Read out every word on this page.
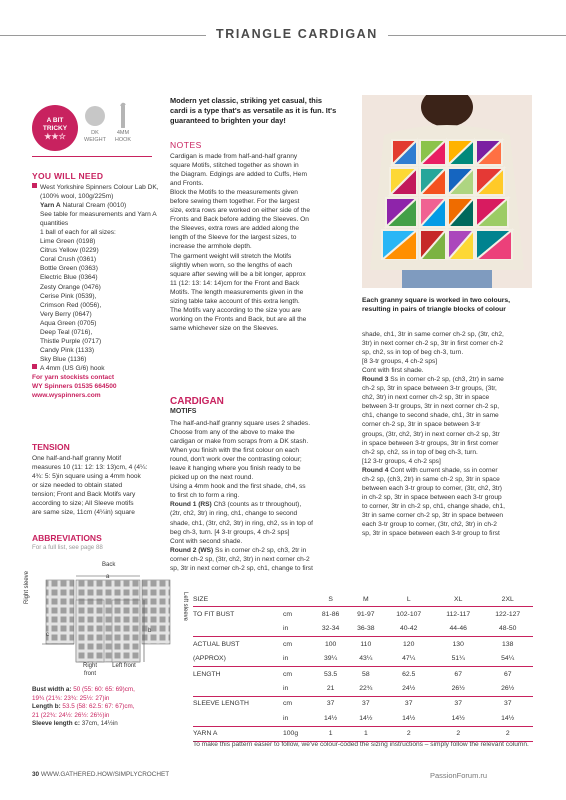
TRIANGLE CARDIGAN
A BIT
TRICKY
★★☆	DK
WEIGHT
4MM
HOOK
YOU WILL NEED
West Yorkshire Spinners Colour Lab DK, (100% wool, 100g/225m)
Yarn A Natural Cream (0010)
See table for measurements and Yarn A quantities
1 ball of each for all sizes:
Lime Green (0198)
Citrus Yellow (0229)
Coral Crush (0361)
Bottle Green (0363)
Electric Blue (0364)
Zesty Orange (0476)
Cerise Pink (0539),
Crimson Red (0056),
Very Berry (0647)
Aqua Green (0705)
Deep Teal (0716),
Thistle Purple (0717)
Candy Pink (1133)
Sky Blue (1136)
A 4mm (US G/6) hook
For yarn stockists contact
WY Spinners 01535 664500
www.wyspinners.com
TENSION
One half-and-half granny Motif
measures 10 (11: 12: 13: 13)cm, 4 (4¼:
4¾: 5: 5)in square using a 4mm hook
or size needed to obtain stated
tension; Front and Back Motifs vary
according to size; All Sleeve motifs
are same size, 11cm (4¼in) square
ABBREVIATIONS
For a full list, see page 88
Back
a
Right sleeve
Left sleeve
c
b
Right front
Left front
Bust width a: 50 (55: 60: 65: 69)cm,
19¾ (21¾: 23¾: 25½: 27)in
Length b: 53.5 (58: 62.5: 67: 67)cm,
21 (22¾: 24½: 26½: 26½)in
Sleeve length c: 37cm, 14½in
Modern yet classic, striking yet casual, this cardi is a type that's as versatile as it is fun. It's guaranteed to brighten your day!
NOTES
Cardigan is made from half-and-half granny
square Motifs, stitched together as shown in
the Diagram. Edgings are added to Cuffs, Hem
and Fronts.
Block the Motifs to the measurements given
before sewing them together. For the largest
size, extra rows are worked on either side of the
Fronts and Back before adding the Sleeves. On
the Sleeves, extra rows are added along the
length of the Sleeve for the largest sizes, to
increase the armhole depth.
The garment weight will stretch the Motifs
slightly when worn, so the lengths of each
square after sewing will be a bit longer, approx
11 (12: 13: 14: 14)cm for the Front and Back
Motifs. The length measurements given in the
sizing table take account of this extra length.
The Motifs vary according to the size you are
working on the Fronts and Back, but are all the
same whichever size on the Sleeves.
CARDIGAN
MOTIFS
The half-and-half granny square uses 2 shades.
Choose from any of the above to make the
cardigan or make from scraps from a DK stash.
When you finish with the first colour on each
round, don't work over the contrasting colour;
leave it hanging where you finish ready to be
picked up on the next round.
Using a 4mm hook and the first shade, ch4, ss
to first ch to form a ring.
Round 1 (RS) Ch3 (counts as tr throughout),
(2tr, ch2, 3tr) in ring, ch1, change to second
shade, ch1, (3tr, ch2, 3tr) in ring, ch2, ss in top of
beg ch-3, turn. [4 3-tr groups, 4 ch-2 sps]
Cont with second shade.
Round 2 (WS) Ss in corner ch-2 sp, ch3, 2tr in
corner ch-2 sp, (3tr, ch2, 3tr) in next corner ch-2
sp, 3tr in next corner ch-2 sp, ch1, change to first
Each granny square is worked in two colours, resulting in pairs of triangle blocks of colour
shade, ch1, 3tr in same corner ch-2 sp, (3tr, ch2,
3tr) in next corner ch-2 sp, 3tr in first corner ch-2
sp, ch2, ss in top of beg ch-3, turn.
[8 3-tr groups, 4 ch-2 sps]
Cont with first shade.
Round 3 Ss in corner ch-2 sp, (ch3, 2tr) in same
ch-2 sp, 3tr in space between 3-tr groups, (3tr,
ch2, 3tr) in next corner ch-2 sp, 3tr in space
between 3-tr groups, 3tr in next corner ch-2 sp,
ch1, change to second shade, ch1, 3tr in same
corner ch-2 sp, 3tr in space between 3-tr
groups, (3tr, ch2, 3tr) in next corner ch-2 sp, 3tr
in space between 3-tr groups, 3tr in first corner
ch-2 sp, ch2, ss in top of beg ch-3, turn.
[12 3-tr groups, 4 ch-2 sps]
Round 4 Cont with current shade, ss in corner
ch-2 sp, (ch3, 2tr) in same ch-2 sp, 3tr in space
between each 3-tr group to corner, (3tr, ch2, 3tr)
in ch-2 sp, 3tr in space between each 3-tr group
to corner, 3tr in ch-2 sp, ch1, change shade, ch1,
3tr in same corner ch-2 sp, 3tr in space between
each 3-tr group to corner, (3tr, ch2, 3tr) in ch-2
sp, 3tr in space between each 3-tr group to first
SIZE		S	M	L	XL	2XL
TO FIT BUST	cm	81-86	91-97	102-107	112-117	122-127
	in	32-34	36-38	40-42	44-46	48-50
ACTUAL BUST	cm	100	110	120	130	138
(APPROX)	in	39¼	43¼	47¼	51¼	54¼
LENGTH	cm	53.5	58	62.5	67	67
	in	21	22¾	24½	26½	26½
SLEEVE LENGTH	cm	37	37	37	37	37
	in	14½	14½	14½	14½	14½
YARN A	100g	1	1	2	2	2
To make this pattern easier to follow, we've colour-coded the sizing instructions – simply follow the relevant column.
30 WWW.GATHERED.HOW/SIMPLYCROCHET	PassionForum.ru
